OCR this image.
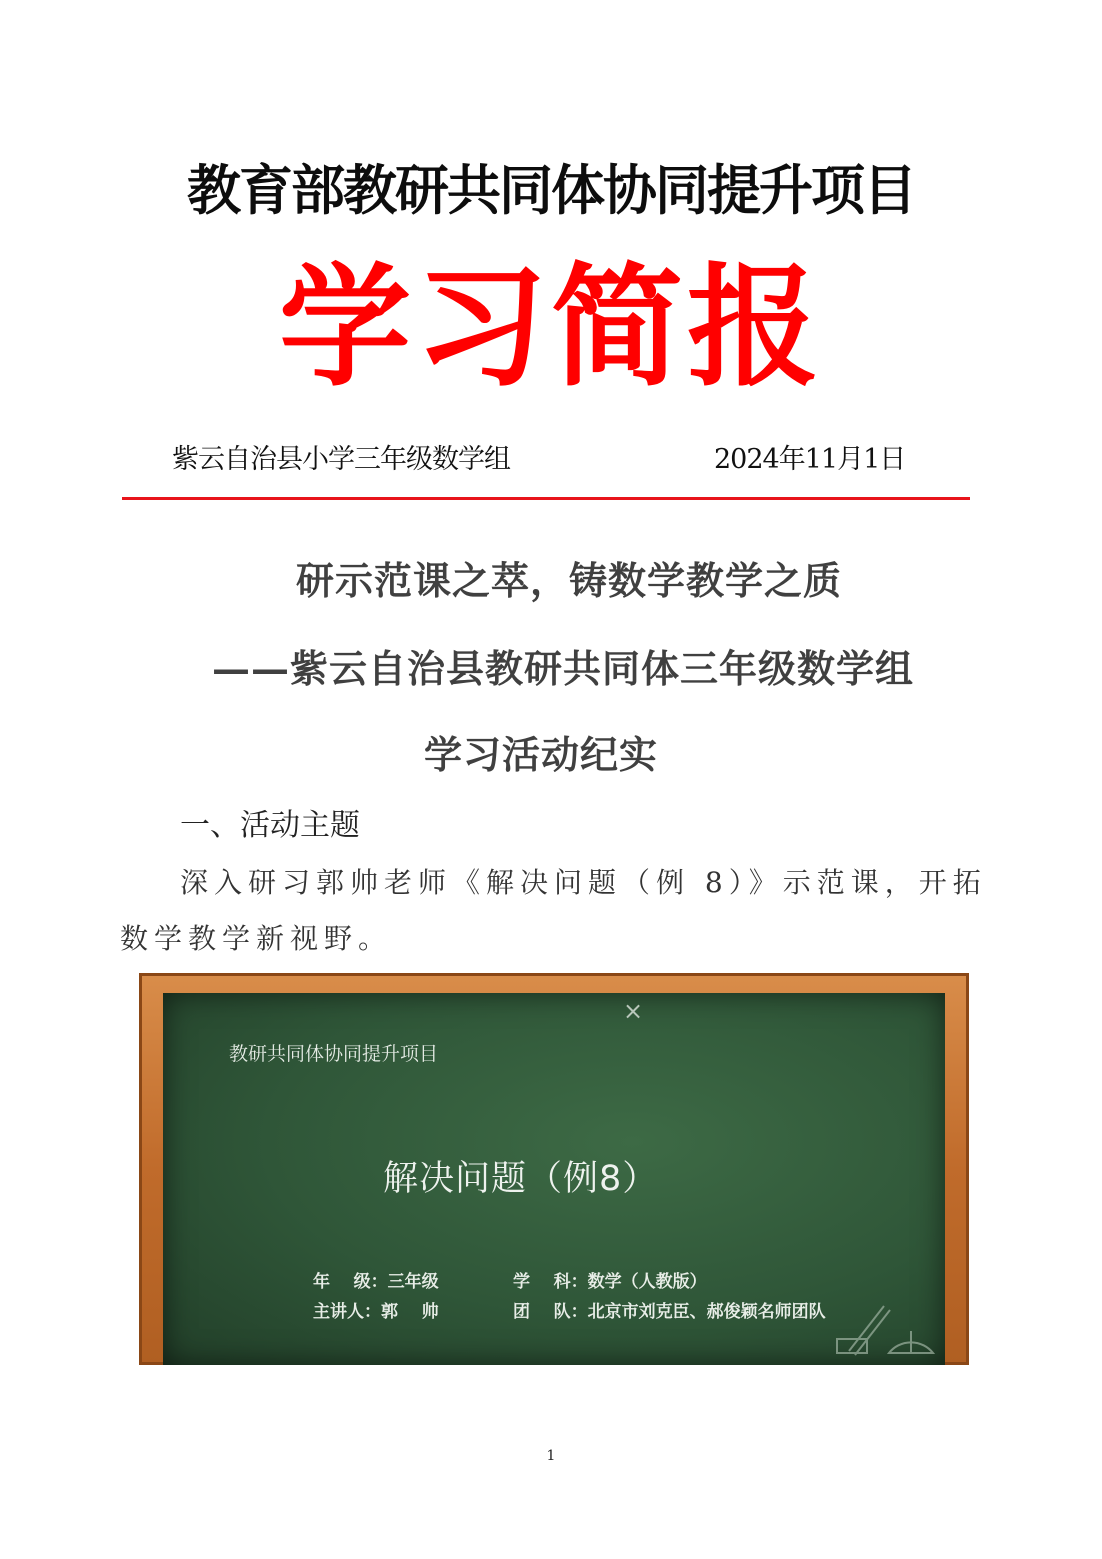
教育部教研共同体协同提升项目
学习简报
紫云自治县小学三年级数学组	2024年11月1日
研示范课之萃，铸数学教学之质
——紫云自治县教研共同体三年级数学组
学习活动纪实
一、活动主题
深入研习郭帅老师《解决问题（例 8）》示范课，开拓数学教学新视野。
×
教研共同体协同提升项目
解决问题（例8）
年    级：三年级	学    科：数学（人教版）
主讲人：郭    帅	团    队：北京市刘克臣、郝俊颖名师团队
1
